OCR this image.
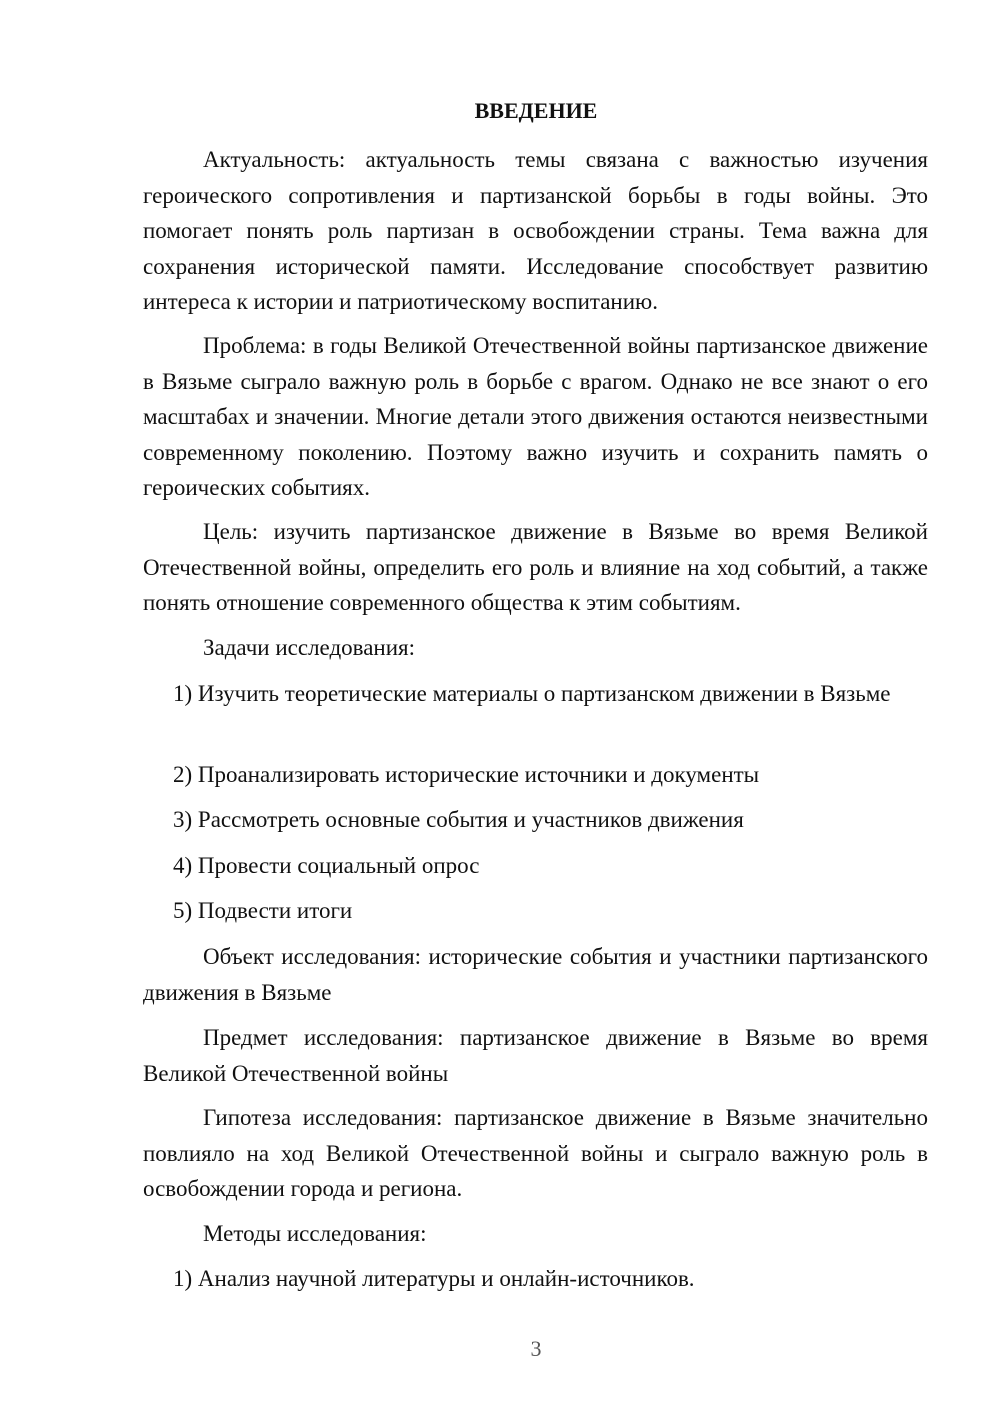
ВВЕДЕНИЕ

Актуальность: актуальность темы связана с важностью изучения героического сопротивления и партизанской борьбы в годы войны. Это помогает понять роль партизан в освобождении страны. Тема важна для сохранения исторической памяти. Исследование способствует развитию интереса к истории и патриотическому воспитанию.

Проблема: в годы Великой Отечественной войны партизанское движение в Вязьме сыграло важную роль в борьбе с врагом. Однако не все знают о его масштабах и значении. Многие детали этого движения остаются неизвестными современному поколению. Поэтому важно изучить и сохранить память о героических событиях.

Цель: изучить партизанское движение в Вязьме во время Великой Отечественной войны, определить его роль и влияние на ход событий, а также понять отношение современного общества к этим событиям.

Задачи исследования:

1) Изучить теоретические материалы о партизанском движении в Вязьме

2) Проанализировать исторические источники и документы

3) Рассмотреть основные события и участников движения

4) Провести социальный опрос

5) Подвести итоги

Объект исследования: исторические события и участники партизанского движения в Вязьме

Предмет исследования: партизанское движение в Вязьме во время Великой Отечественной войны

Гипотеза исследования: партизанское движение в Вязьме значительно повлияло на ход Великой Отечественной войны и сыграло важную роль в освобождении города и региона.

Методы исследования:

1) Анализ научной литературы и онлайн-источников.

3
